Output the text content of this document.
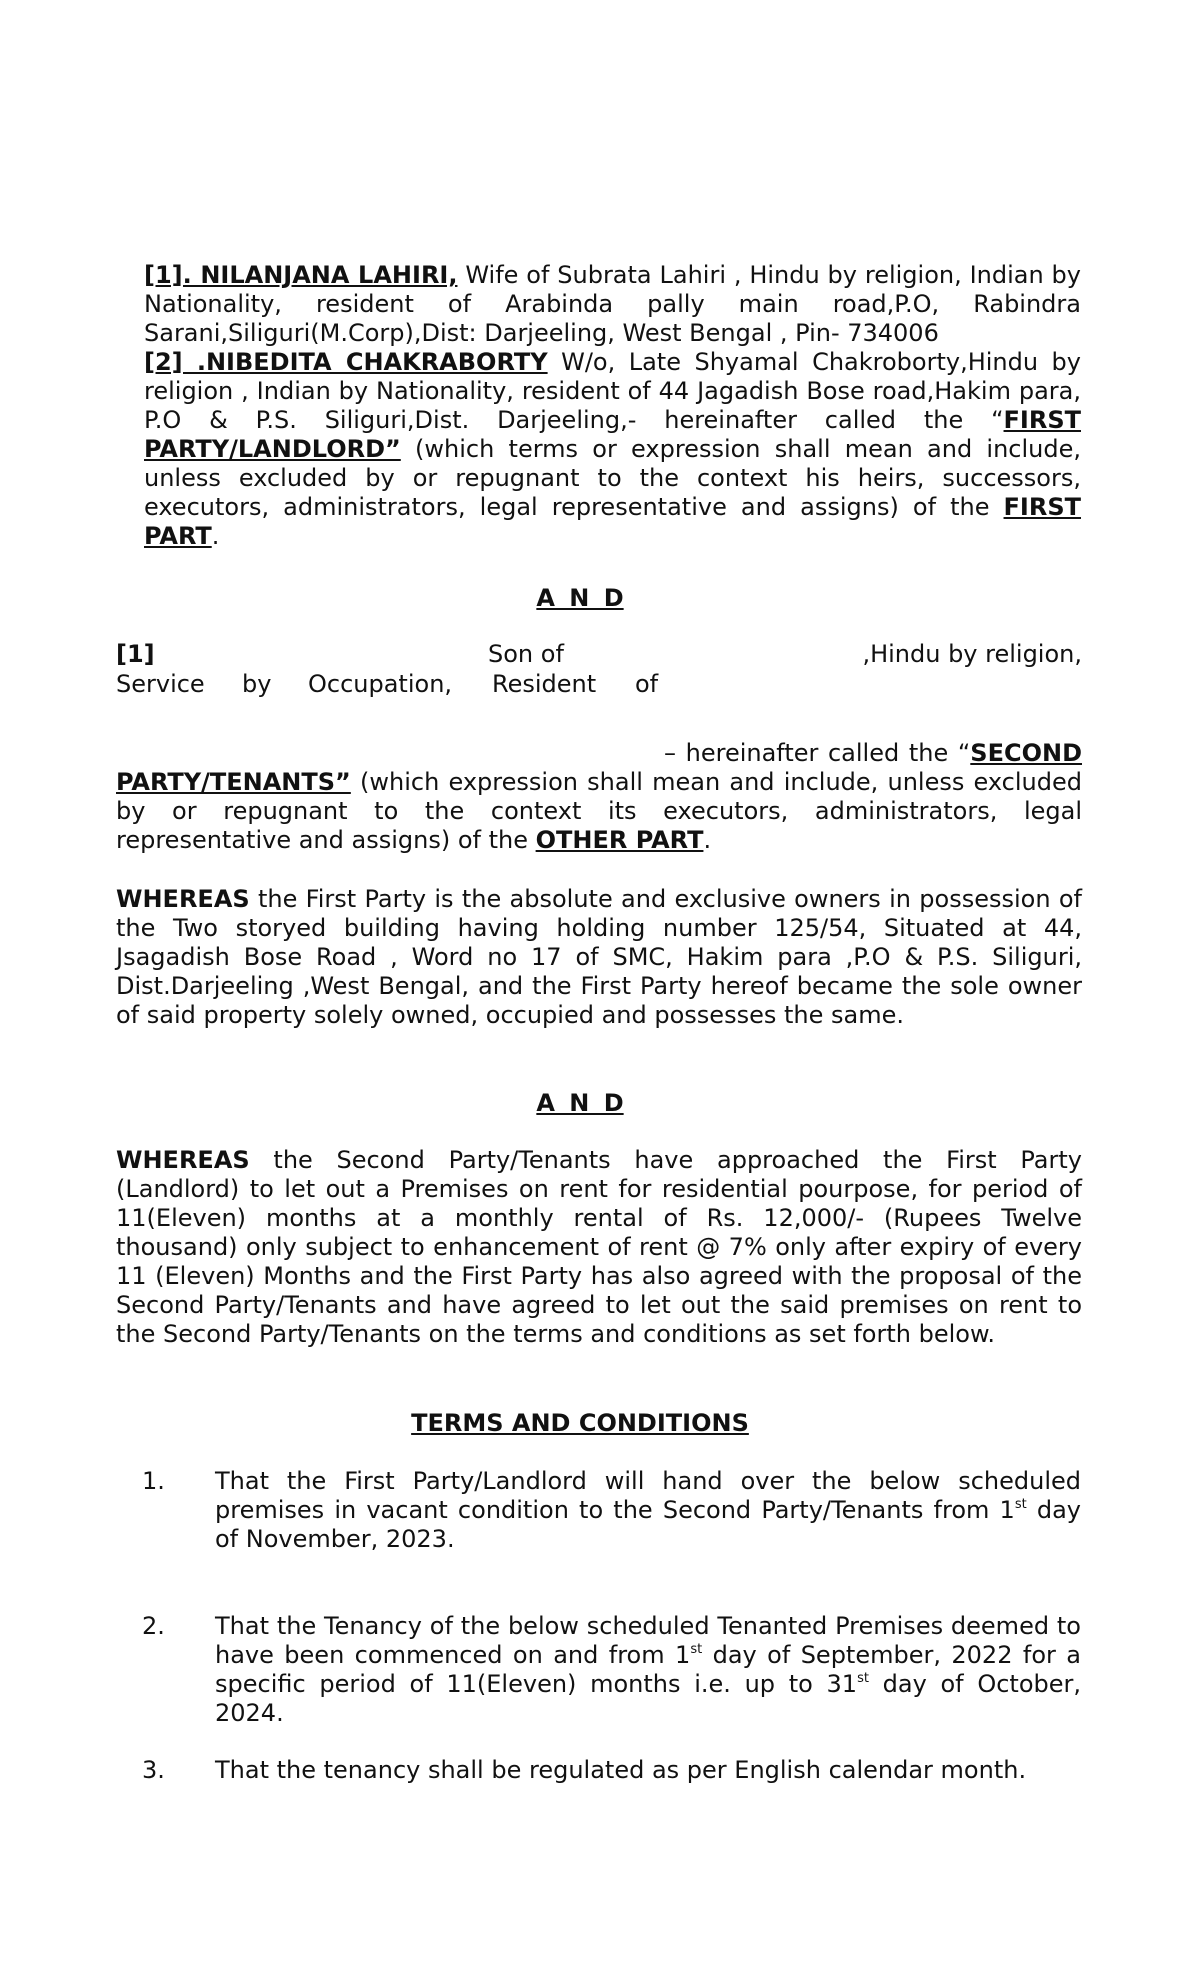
[1]. NILANJANA LAHIRI, Wife of Subrata Lahiri , Hindu by religion, Indian by Nationality, resident of Arabinda pally main road,P.O, Rabindra Sarani,Siliguri(M.Corp),Dist: Darjeeling, West Bengal , Pin- 734006
[2] .NIBEDITA CHAKRABORTY W/o, Late Shyamal Chakroborty,Hindu by religion , Indian by Nationality, resident of 44 Jagadish Bose road,Hakim para, P.O & P.S. Siliguri,Dist. Darjeeling,- hereinafter called the “FIRST PARTY/LANDLORD” (which terms or expression shall mean and include, unless excluded by or repugnant to the context his heirs, successors, executors, administrators, legal representative and assigns) of the FIRST PART.
A N D
[1]	Son of	,Hindu by religion,
Service by Occupation, Resident of
– hereinafter called the “SECOND PARTY/TENANTS” (which expression shall mean and include, unless excluded by or repugnant to the context its executors, administrators, legal representative and assigns) of the OTHER PART.
WHEREAS the First Party is the absolute and exclusive owners in possession of the Two storyed building having holding number 125/54, Situated at 44, Jsagadish Bose Road , Word no 17 of SMC, Hakim para ,P.O & P.S. Siliguri, Dist.Darjeeling ,West Bengal, and the First Party hereof became the sole owner of said property solely owned, occupied and possesses the same.
A N D
WHEREAS the Second Party/Tenants have approached the First Party (Landlord) to let out a Premises on rent for residential pourpose, for period of 11(Eleven) months at a monthly rental of Rs. 12,000/- (Rupees Twelve thousand) only subject to enhancement of rent @ 7% only after expiry of every 11 (Eleven) Months and the First Party has also agreed with the proposal of the Second Party/Tenants and have agreed to let out the said premises on rent to the Second Party/Tenants on the terms and conditions as set forth below.
TERMS AND CONDITIONS
1. That the First Party/Landlord will hand over the below scheduled premises in vacant condition to the Second Party/Tenants from 1st day of November, 2023.
2. That the Tenancy of the below scheduled Tenanted Premises deemed to have been commenced on and from 1st day of September, 2022 for a specific period of 11(Eleven) months i.e. up to 31st day of October, 2024.
3. That the tenancy shall be regulated as per English calendar month.
